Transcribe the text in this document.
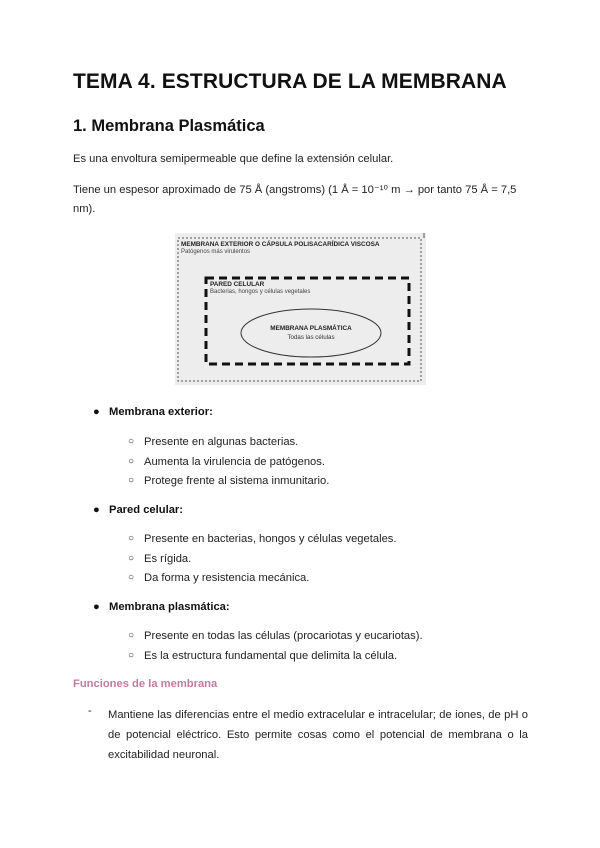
TEMA 4. ESTRUCTURA DE LA MEMBRANA
1. Membrana Plasmática

Es una envoltura semipermeable que define la extensión celular.

Tiene un espesor aproximado de 75 Å (angstroms) (1 Å = 10⁻¹⁰ m → por tanto 75 Å = 7,5
nm).

MEMBRANA EXTERIOR O CÁPSULA POLISACARÍDICA VISCOSA
Patógenos más virulentos
PARED CELULAR
Bacterias, hongos y células vegetales
MEMBRANA PLASMÁTICA
Todas las células
● Membrana exterior:
○ Presente en algunas bacterias.
○ Aumenta la virulencia de patógenos.
○ Protege frente al sistema inmunitario.
● Pared celular:
○ Presente en bacterias, hongos y células vegetales.
○ Es rígida.
○ Da forma y resistencia mecánica.
● Membrana plasmática:
○ Presente en todas las células (procariotas y eucariotas).
○ Es la estructura fundamental que delimita la célula.
Funciones de la membrana
- Mantiene las diferencias entre el medio extracelular e intracelular; de iones, de pH o de potencial eléctrico. Esto permite cosas como el potencial de membrana o la excitabilidad neuronal.
